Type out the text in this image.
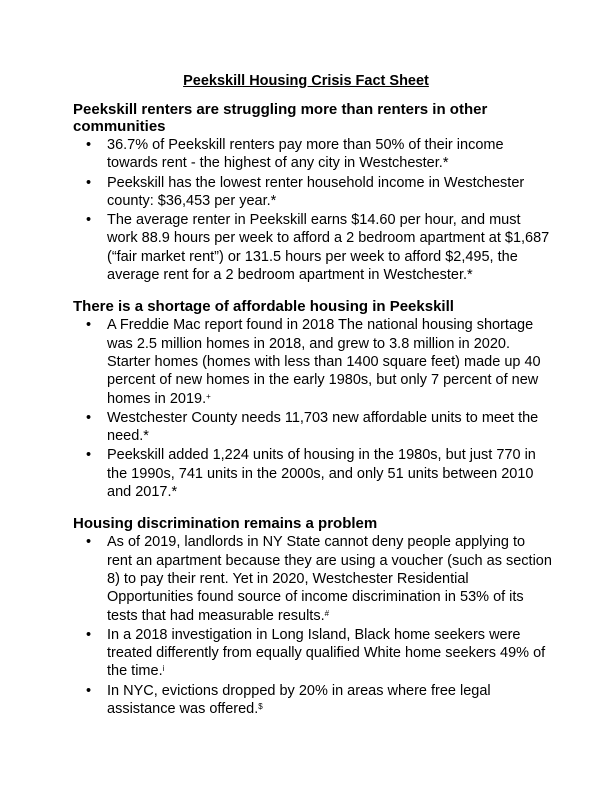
Peekskill Housing Crisis Fact Sheet
Peekskill renters are struggling more than renters in other communities
• 36.7% of Peekskill renters pay more than 50% of their income towards rent - the highest of any city in Westchester.*
• Peekskill has the lowest renter household income in Westchester county: $36,453 per year.*
• The average renter in Peekskill earns $14.60 per hour, and must work 88.9 hours per week to afford a 2 bedroom apartment at $1,687 (“fair market rent”) or 131.5 hours per week to afford $2,495, the average rent for a 2 bedroom apartment in Westchester.*
There is a shortage of affordable housing in Peekskill
• A Freddie Mac report found in 2018 The national housing shortage was 2.5 million homes in 2018, and grew to 3.8 million in 2020. Starter homes (homes with less than 1400 square feet) made up 40 percent of new homes in the early 1980s, but only 7 percent of new homes in 2019.+
• Westchester County needs 11,703 new affordable units to meet the need.*
• Peekskill added 1,224 units of housing in the 1980s, but just 770 in the 1990s, 741 units in the 2000s, and only 51 units between 2010 and 2017.*
Housing discrimination remains a problem
• As of 2019, landlords in NY State cannot deny people applying to rent an apartment because they are using a voucher (such as section 8) to pay their rent. Yet in 2020, Westchester Residential Opportunities found source of income discrimination in 53% of its tests that had measurable results.#
• In a 2018 investigation in Long Island, Black home seekers were treated differently from equally qualified White home seekers 49% of the time.$^i$
• In NYC, evictions dropped by 20% in areas where free legal assistance was offered.$
